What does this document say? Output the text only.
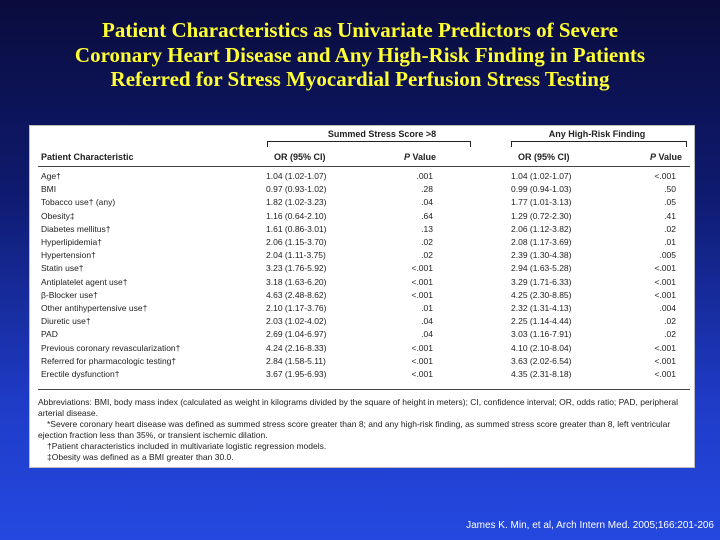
Patient Characteristics as Univariate Predictors of Severe
Coronary Heart Disease and Any High-Risk Finding in Patients
Referred for Stress Myocardial Perfusion Stress Testing
Summed Stress Score >8	Any High-Risk Finding
Patient Characteristic	OR (95% CI)	P Value	OR (95% CI)	P Value
Age†	1.04 (1.02-1.07)	.001	1.04 (1.02-1.07)	<.001
BMI	0.97 (0.93-1.02)	.28	0.99 (0.94-1.03)	.50
Tobacco use† (any)	1.82 (1.02-3.23)	.04	1.77 (1.01-3.13)	.05
Obesity‡	1.16 (0.64-2.10)	.64	1.29 (0.72-2.30)	.41
Diabetes mellitus†	1.61 (0.86-3.01)	.13	2.06 (1.12-3.82)	.02
Hyperlipidemia†	2.06 (1.15-3.70)	.02	2.08 (1.17-3.69)	.01
Hypertension†	2.04 (1.11-3.75)	.02	2.39 (1.30-4.38)	.005
Statin use†	3.23 (1.76-5.92)	<.001	2.94 (1.63-5.28)	<.001
Antiplatelet agent use†	3.18 (1.63-6.20)	<.001	3.29 (1.71-6.33)	<.001
β-Blocker use†	4.63 (2.48-8.62)	<.001	4.25 (2.30-8.85)	<.001
Other antihypertensive use†	2.10 (1.17-3.76)	.01	2.32 (1.31-4.13)	.004
Diuretic use†	2.03 (1.02-4.02)	.04	2.25 (1.14-4.44)	.02
PAD	2.69 (1.04-6.97)	.04	3.03 (1.16-7.91)	.02
Previous coronary revascularization†	4.24 (2.16-8.33)	<.001	4.10 (2.10-8.04)	<.001
Referred for pharmacologic testing†	2.84 (1.58-5.11)	<.001	3.63 (2.02-6.54)	<.001
Erectile dysfunction†	3.67 (1.95-6.93)	<.001	4.35 (2.31-8.18)	<.001

Abbreviations: BMI, body mass index (calculated as weight in kilograms divided by the square of height in meters); CI, confidence interval; OR, odds ratio; PAD, peripheral arterial disease.

*Severe coronary heart disease was defined as summed stress score greater than 8; and any high-risk finding, as summed stress score greater than 8, left ventricular ejection fraction less than 35%, or transient ischemic dilation.

†Patient characteristics included in multivariate logistic regression models.

‡Obesity was defined as a BMI greater than 30.0.

James K. Min, et al, Arch Intern Med. 2005;166:201-206
